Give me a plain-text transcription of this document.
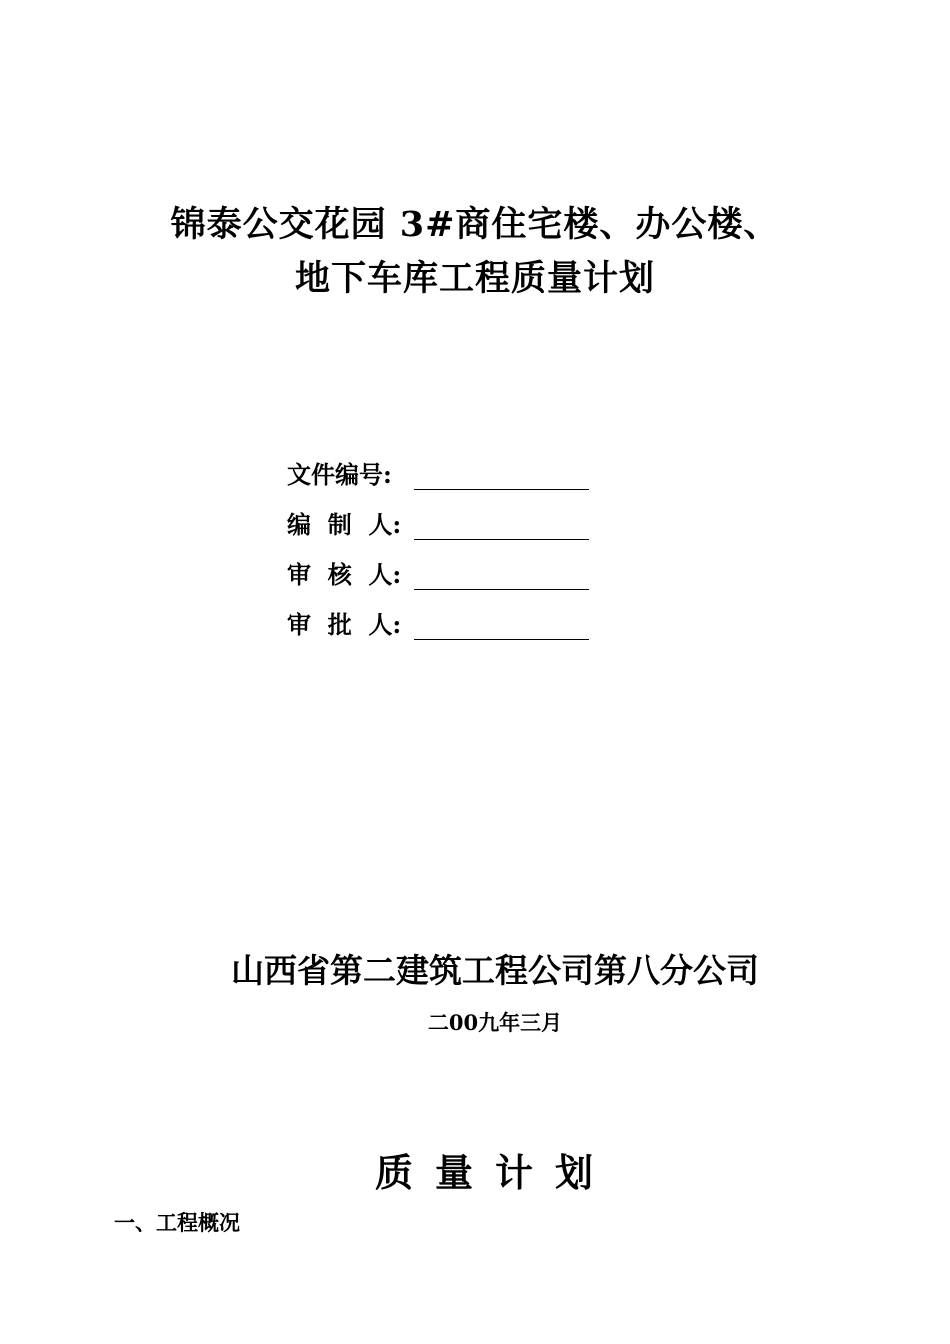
锦泰公交花园 3#商住宅楼、办公楼、
地下车库工程质量计划
文件编号:
编  制  人:
审  核  人:
审  批  人:
山西省第二建筑工程公司第八分公司
二00九年三月
质量计划
一、工程概况
